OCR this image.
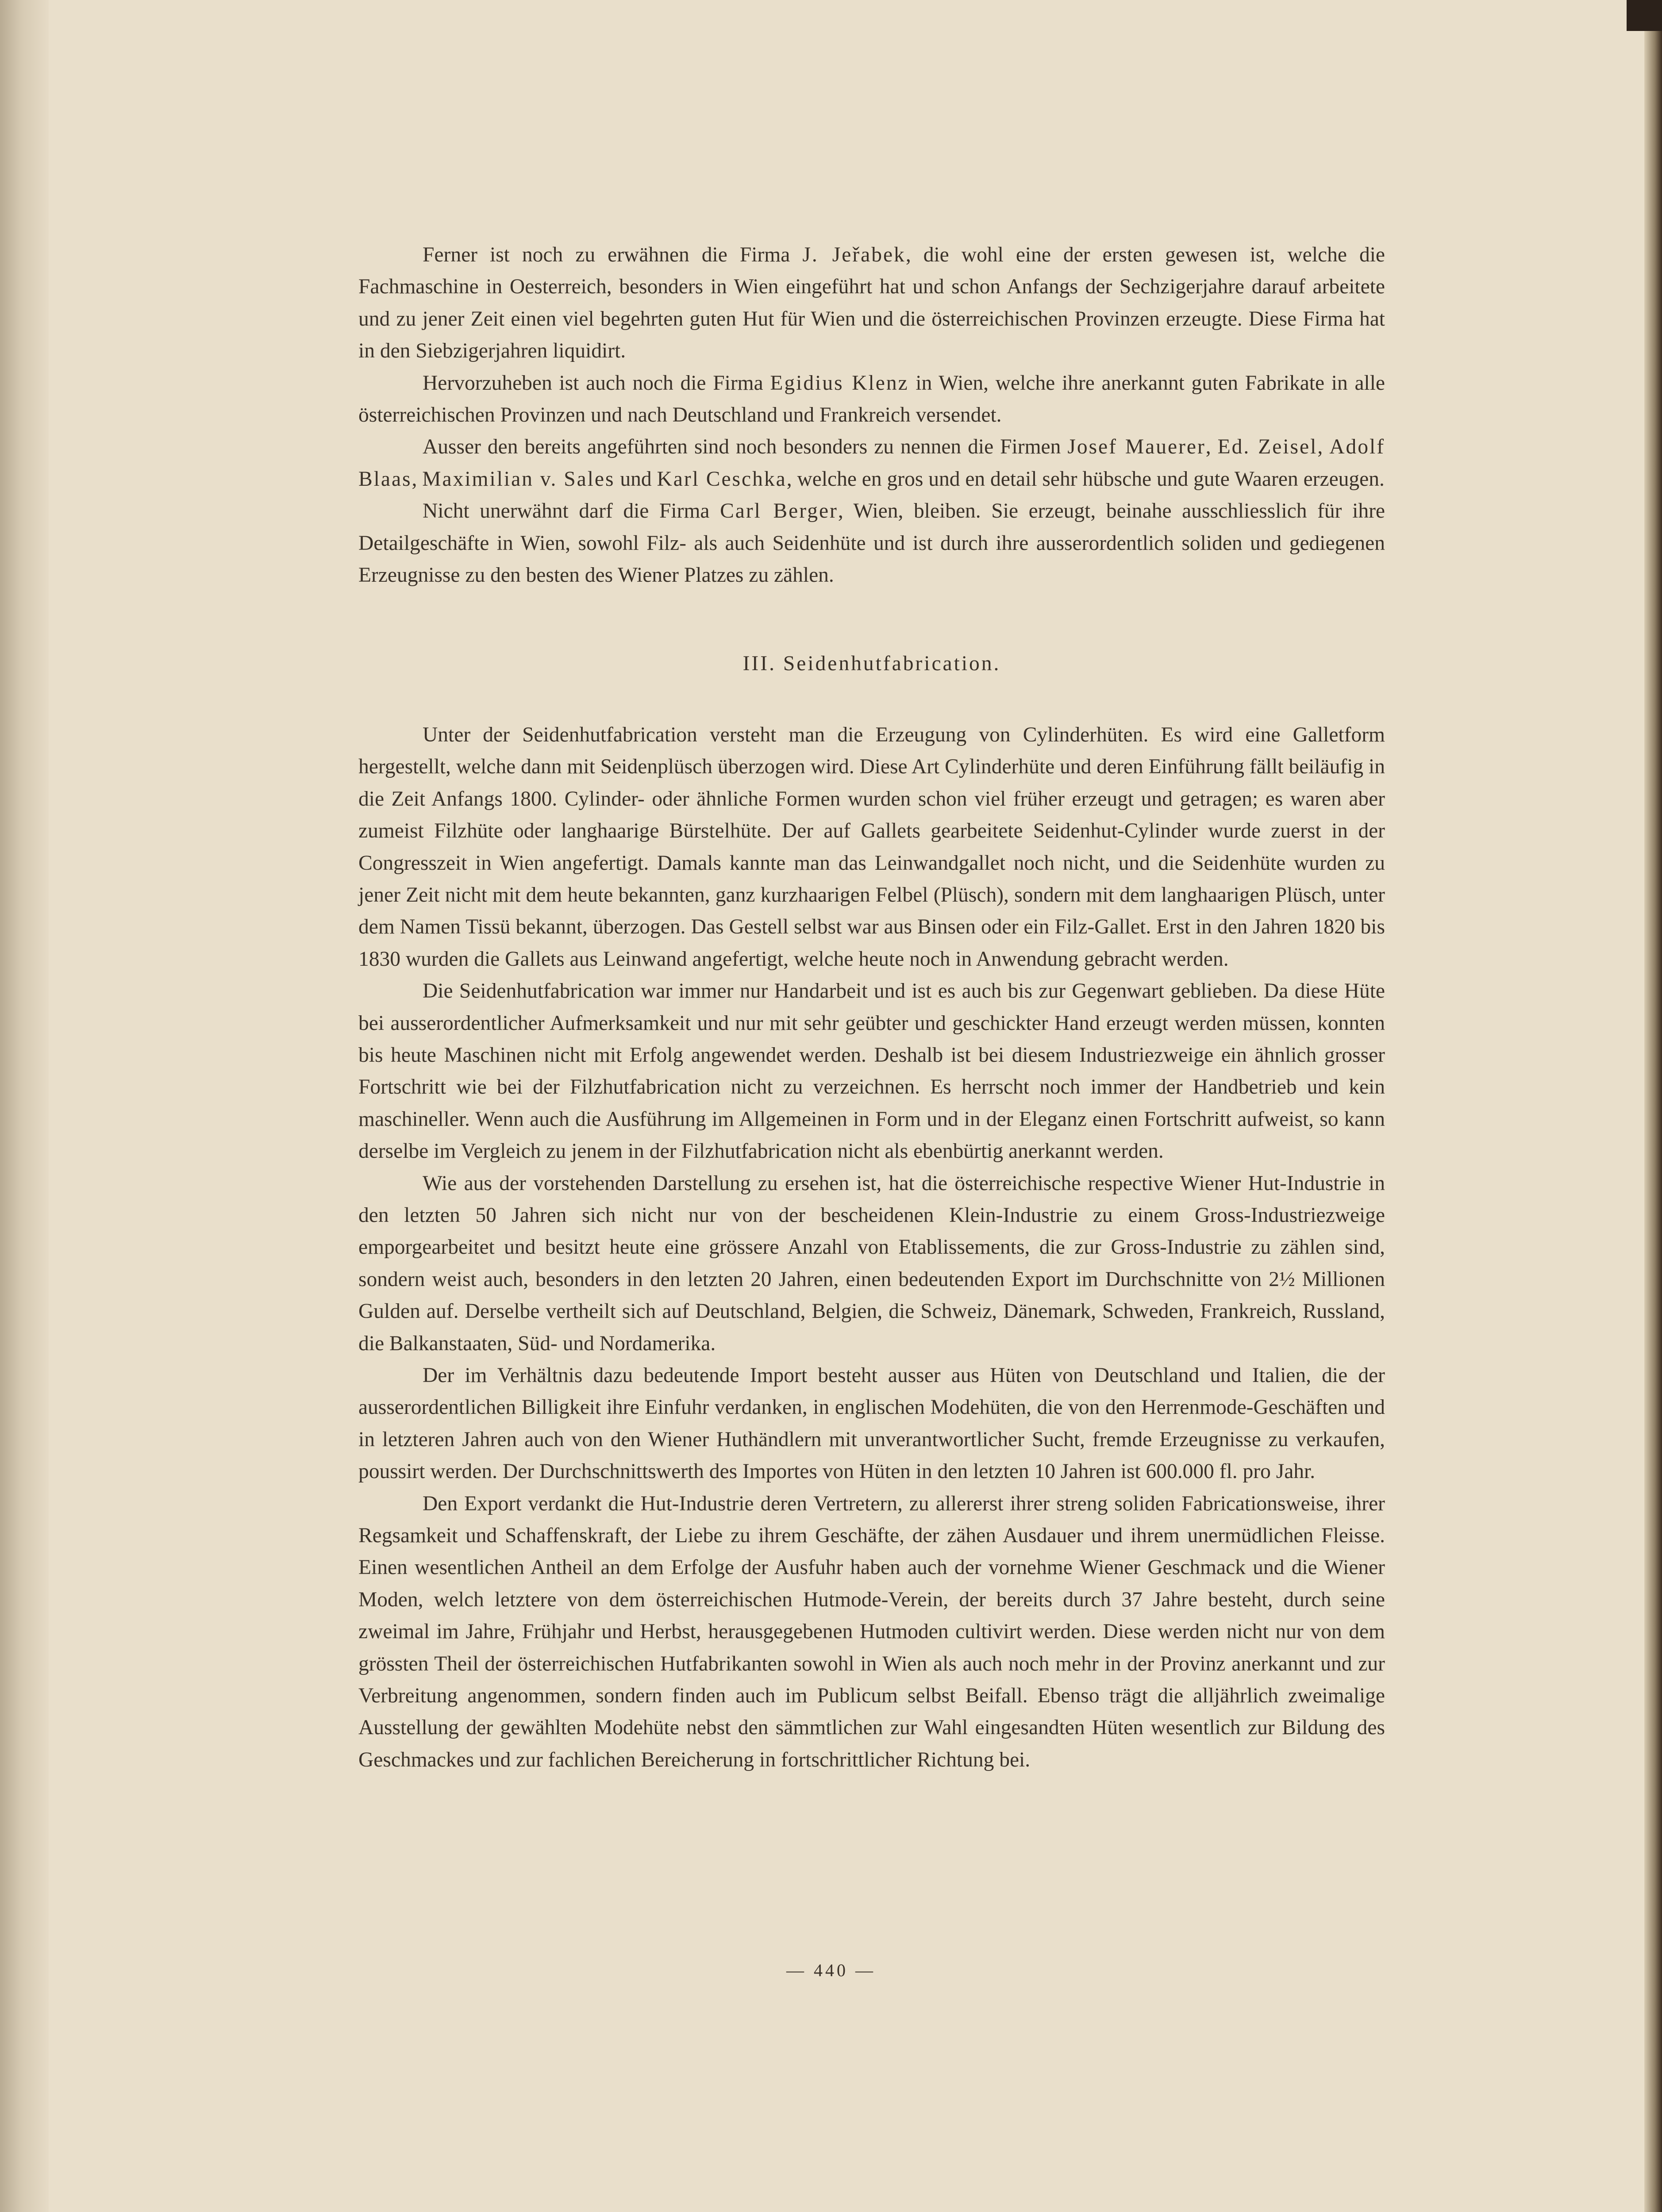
Ferner ist noch zu erwähnen die Firma J. Jeřabek, die wohl eine der ersten gewesen ist, welche die Fachmaschine in Oesterreich, besonders in Wien eingeführt hat und schon Anfangs der Sechzigerjahre darauf arbeitete und zu jener Zeit einen viel begehrten guten Hut für Wien und die österreichischen Provinzen erzeugte. Diese Firma hat in den Siebzigerjahren liquidirt.

Hervorzuheben ist auch noch die Firma Egidius Klenz in Wien, welche ihre anerkannt guten Fabrikate in alle österreichischen Provinzen und nach Deutschland und Frankreich versendet.

Ausser den bereits angeführten sind noch besonders zu nennen die Firmen Josef Mauerer, Ed. Zeisel, Adolf Blaas, Maximilian v. Sales und Karl Ceschka, welche en gros und en detail sehr hübsche und gute Waaren erzeugen.

Nicht unerwähnt darf die Firma Carl Berger, Wien, bleiben. Sie erzeugt, beinahe ausschliesslich für ihre Detailgeschäfte in Wien, sowohl Filz- als auch Seidenhüte und ist durch ihre ausserordentlich soliden und gediegenen Erzeugnisse zu den besten des Wiener Platzes zu zählen.

III. Seidenhutfabrication.

Unter der Seidenhutfabrication versteht man die Erzeugung von Cylinderhüten. Es wird eine Galletform hergestellt, welche dann mit Seidenplüsch überzogen wird. Diese Art Cylinderhüte und deren Einführung fällt beiläufig in die Zeit Anfangs 1800. Cylinder- oder ähnliche Formen wurden schon viel früher erzeugt und getragen; es waren aber zumeist Filzhüte oder langhaarige Bürstelhüte. Der auf Gallets gearbeitete Seidenhut-Cylinder wurde zuerst in der Congresszeit in Wien angefertigt. Damals kannte man das Leinwandgallet noch nicht, und die Seidenhüte wurden zu jener Zeit nicht mit dem heute bekannten, ganz kurzhaarigen Felbel (Plüsch), sondern mit dem langhaarigen Plüsch, unter dem Namen Tissü bekannt, überzogen. Das Gestell selbst war aus Binsen oder ein Filz-Gallet. Erst in den Jahren 1820 bis 1830 wurden die Gallets aus Leinwand angefertigt, welche heute noch in Anwendung gebracht werden.

Die Seidenhutfabrication war immer nur Handarbeit und ist es auch bis zur Gegenwart geblieben. Da diese Hüte bei ausserordentlicher Aufmerksamkeit und nur mit sehr geübter und geschickter Hand erzeugt werden müssen, konnten bis heute Maschinen nicht mit Erfolg angewendet werden. Deshalb ist bei diesem Industriezweige ein ähnlich grosser Fortschritt wie bei der Filzhutfabrication nicht zu verzeichnen. Es herrscht noch immer der Handbetrieb und kein maschineller. Wenn auch die Ausführung im Allgemeinen in Form und in der Eleganz einen Fortschritt aufweist, so kann derselbe im Vergleich zu jenem in der Filzhutfabrication nicht als ebenbürtig anerkannt werden.

Wie aus der vorstehenden Darstellung zu ersehen ist, hat die österreichische respective Wiener Hut-Industrie in den letzten 50 Jahren sich nicht nur von der bescheidenen Klein-Industrie zu einem Gross-Industriezweige emporgearbeitet und besitzt heute eine grössere Anzahl von Etablissements, die zur Gross-Industrie zu zählen sind, sondern weist auch, besonders in den letzten 20 Jahren, einen bedeutenden Export im Durchschnitte von 2½ Millionen Gulden auf. Derselbe vertheilt sich auf Deutschland, Belgien, die Schweiz, Dänemark, Schweden, Frankreich, Russland, die Balkanstaaten, Süd- und Nordamerika.

Der im Verhältnis dazu bedeutende Import besteht ausser aus Hüten von Deutschland und Italien, die der ausserordentlichen Billigkeit ihre Einfuhr verdanken, in englischen Modehüten, die von den Herrenmode-Geschäften und in letzteren Jahren auch von den Wiener Huthändlern mit unverantwortlicher Sucht, fremde Erzeugnisse zu verkaufen, poussirt werden. Der Durchschnittswerth des Importes von Hüten in den letzten 10 Jahren ist 600.000 fl. pro Jahr.

Den Export verdankt die Hut-Industrie deren Vertretern, zu allererst ihrer streng soliden Fabricationsweise, ihrer Regsamkeit und Schaffenskraft, der Liebe zu ihrem Geschäfte, der zähen Ausdauer und ihrem unermüdlichen Fleisse. Einen wesentlichen Antheil an dem Erfolge der Ausfuhr haben auch der vornehme Wiener Geschmack und die Wiener Moden, welch letztere von dem österreichischen Hutmode-Verein, der bereits durch 37 Jahre besteht, durch seine zweimal im Jahre, Frühjahr und Herbst, herausgegebenen Hutmoden cultivirt werden. Diese werden nicht nur von dem grössten Theil der österreichischen Hutfabrikanten sowohl in Wien als auch noch mehr in der Provinz anerkannt und zur Verbreitung angenommen, sondern finden auch im Publicum selbst Beifall. Ebenso trägt die alljährlich zweimalige Ausstellung der gewählten Modehüte nebst den sämmtlichen zur Wahl eingesandten Hüten wesentlich zur Bildung des Geschmackes und zur fachlichen Bereicherung in fortschrittlicher Richtung bei.

— 440 —
